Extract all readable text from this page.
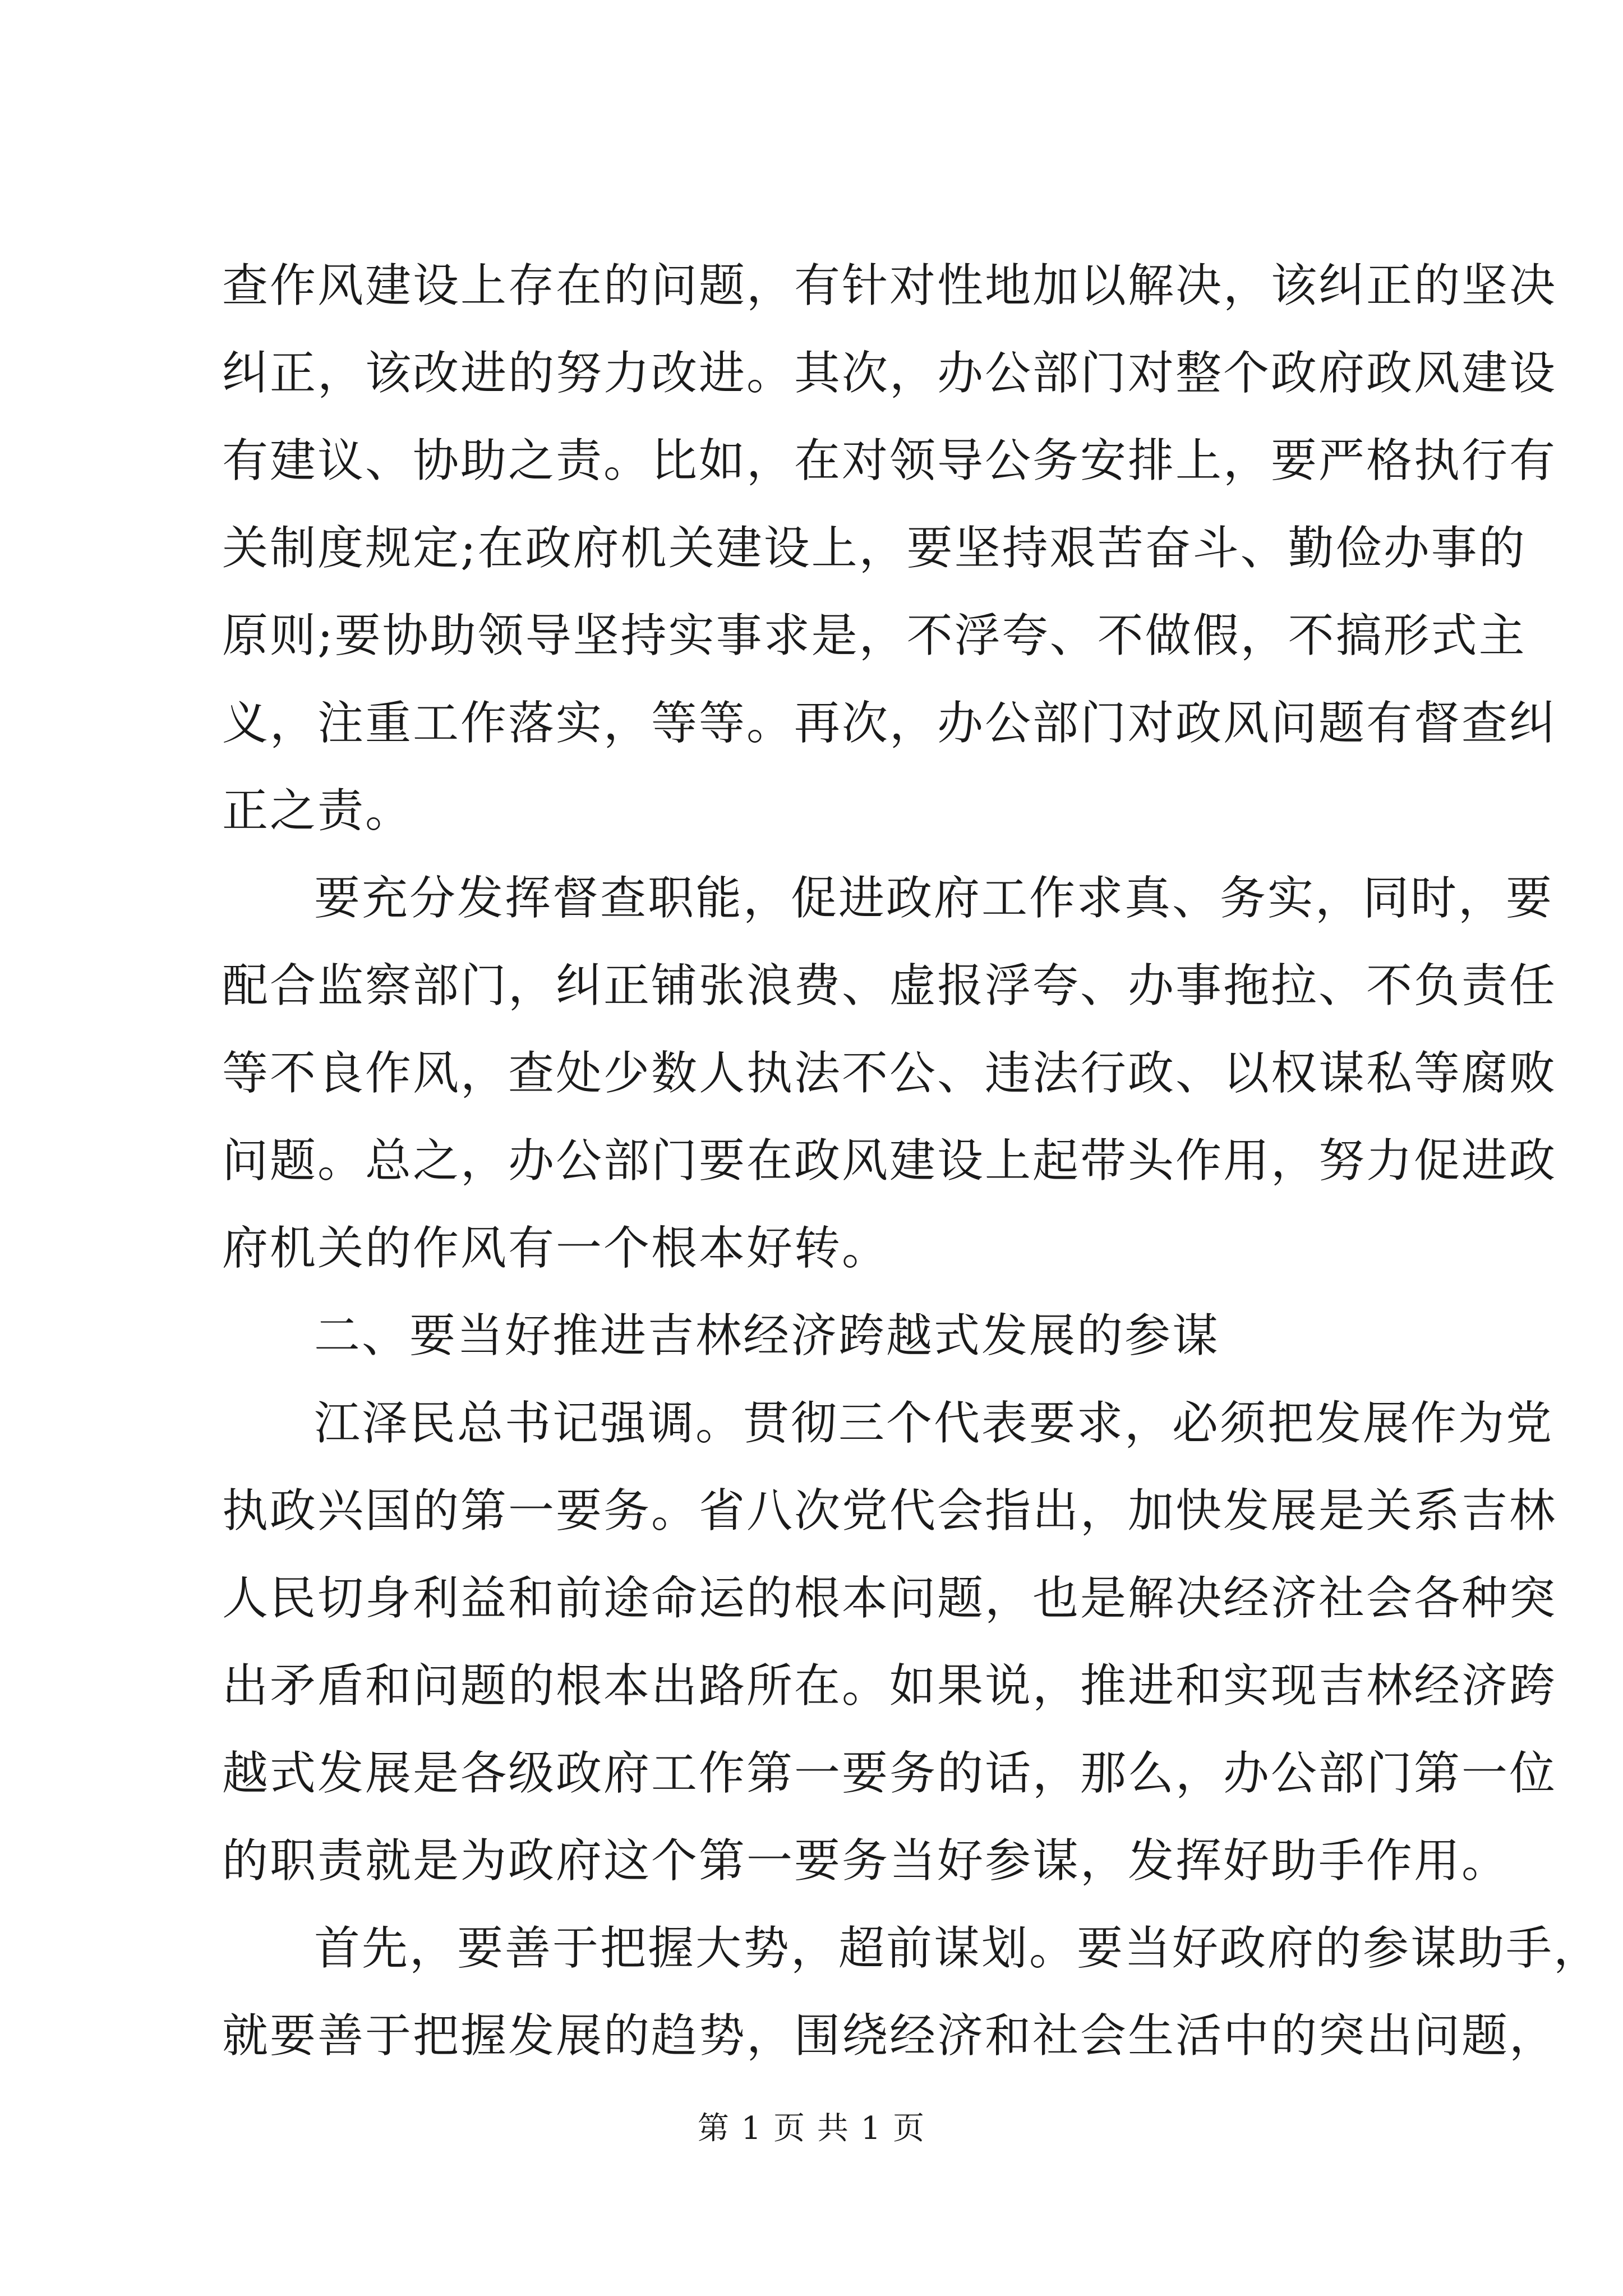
查作风建设上存在的问题，有针对性地加以解决，该纠正的坚决
纠正，该改进的努力改进。其次，办公部门对整个政府政风建设
有建议、协助之责。比如，在对领导公务安排上，要严格执行有
关制度规定;在政府机关建设上，要坚持艰苦奋斗、勤俭办事的
原则;要协助领导坚持实事求是，不浮夸、不做假，不搞形式主
义，注重工作落实，等等。再次，办公部门对政风问题有督查纠
正之责。
要充分发挥督查职能，促进政府工作求真、务实，同时，要
配合监察部门，纠正铺张浪费、虚报浮夸、办事拖拉、不负责任
等不良作风，查处少数人执法不公、违法行政、以权谋私等腐败
问题。总之，办公部门要在政风建设上起带头作用，努力促进政
府机关的作风有一个根本好转。
二、要当好推进吉林经济跨越式发展的参谋
江泽民总书记强调。贯彻三个代表要求，必须把发展作为党
执政兴国的第一要务。省八次党代会指出，加快发展是关系吉林
人民切身利益和前途命运的根本问题，也是解决经济社会各种突
出矛盾和问题的根本出路所在。如果说，推进和实现吉林经济跨
越式发展是各级政府工作第一要务的话，那么，办公部门第一位
的职责就是为政府这个第一要务当好参谋，发挥好助手作用。
首先，要善于把握大势，超前谋划。要当好政府的参谋助手，
就要善于把握发展的趋势，围绕经济和社会生活中的突出问题，
第 1 页 共 1 页
